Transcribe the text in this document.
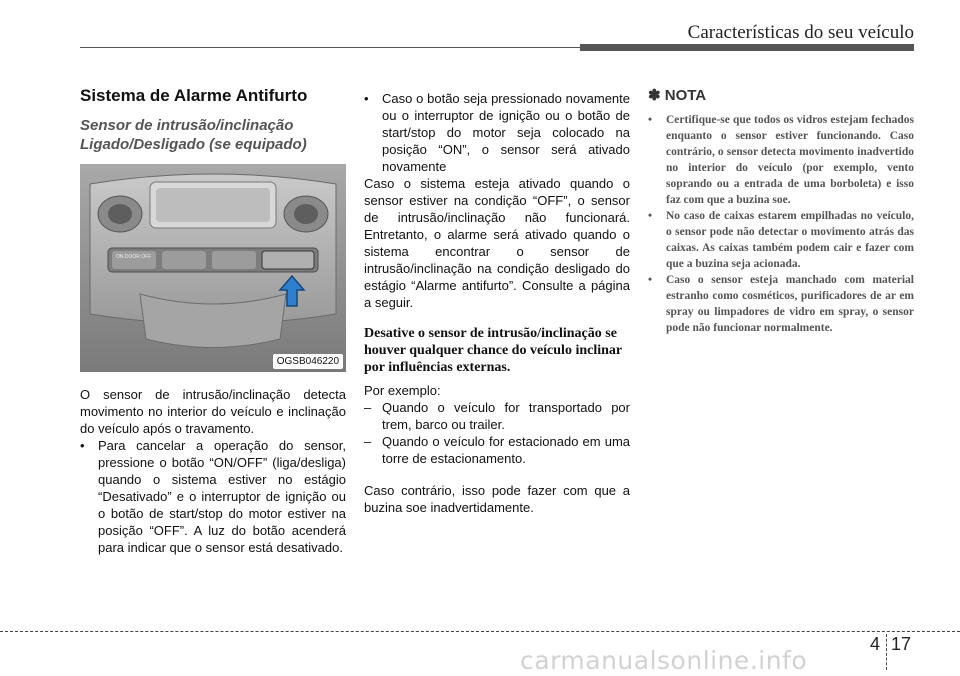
Características do seu veículo
Sistema de Alarme Antifurto
Sensor de intrusão/inclinação Ligado/Desligado (se equipado)
ON DOOR OFF
OGSB046220

O sensor de intrusão/inclinação detecta movimento no interior do veículo e inclinação do veículo após o travamento.

• Para cancelar a operação do sensor, pressione o botão “ON/OFF” (liga/desliga) quando o sistema estiver no estágio “Desativado” e o interruptor de ignição ou o botão de start/stop do motor estiver na posição “OFF”. A luz do botão acenderá para indicar que o sensor está desativado.
• Caso o botão seja pressionado novamente ou o interruptor de ignição ou o botão de start/stop do motor seja colocado na posição “ON”, o sensor será ativado novamente

Caso o sistema esteja ativado quando o sensor estiver na condição “OFF”, o sensor de intrusão/inclinação não funcionará. Entretanto, o alarme será ativado quando o sistema encontrar o sensor de intrusão/inclinação na condição desligado do estágio “Alarme antifurto”. Consulte a página a seguir.

Desative o sensor de intrusão/inclinação se houver qualquer chance do veículo inclinar por influências externas.

Por exemplo:

– Quando o veículo for transportado por trem, barco ou trailer.
– Quando o veículo for estacionado em uma torre de estacionamento.

Caso contrário, isso pode fazer com que a buzina soe inadvertidamente.

✽ NOTA
• Certifique-se que todos os vidros estejam fechados enquanto o sensor estiver funcionando. Caso contrário, o sensor detecta movimento inadvertido no interior do veículo (por exemplo, vento soprando ou a entrada de uma borboleta) e isso faz com que a buzina soe.
• No caso de caixas estarem empilhadas no veículo, o sensor pode não detectar o movimento atrás das caixas. As caixas também podem cair e fazer com que a buzina seja acionada.
• Caso o sensor esteja manchado com material estranho como cosméticos, purificadores de ar em spray ou limpadores de vidro em spray, o sensor pode não funcionar normalmente.
4 17
carmanualsonline.info
